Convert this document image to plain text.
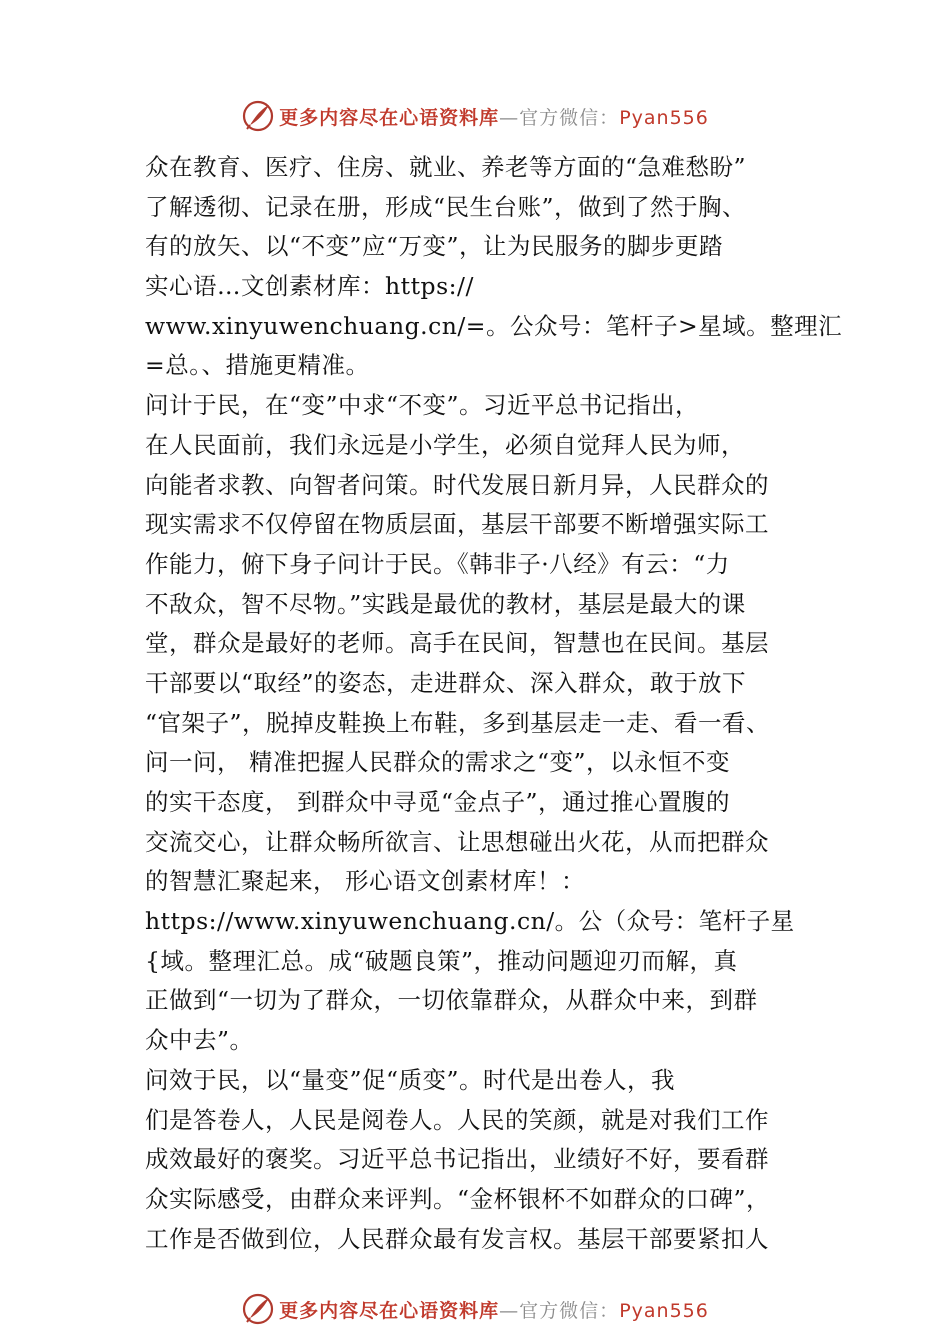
更多内容尽在心语资料库—官方微信：Pyan556
众在教育、医疗、住房、就业、养老等方面的“急难愁盼”
了解透彻、记录在册，形成“民生台账”，做到了然于胸、
有的放矢、以“不变”应“万变”，让为民服务的脚步更踏
实心语…文创素材库：https://
www.xinyuwenchuang.cn/=。公众号：笔杆子>星域。整理汇
=总。、措施更精准。
问计于民，在“变”中求“不变”。习近平总书记指出，
在人民面前，我们永远是小学生，必须自觉拜人民为师，
向能者求教、向智者问策。时代发展日新月异，人民群众的
现实需求不仅停留在物质层面，基层干部要不断增强实际工
作能力，俯下身子问计于民。《韩非子·八经》有云：“力
不敌众，智不尽物。”实践是最优的教材，基层是最大的课
堂，群众是最好的老师。高手在民间，智慧也在民间。基层
干部要以“取经”的姿态，走进群众、深入群众，敢于放下
“官架子”，脱掉皮鞋换上布鞋，多到基层走一走、看一看、
问一问， 精准把握人民群众的需求之“变”，以永恒不变
的实干态度， 到群众中寻觅“金点子”，通过推心置腹的
交流交心，让群众畅所欲言、让思想碰出火花，从而把群众
的智慧汇聚起来， 形心语文创素材库！：
https://www.xinyuwenchuang.cn/。公（众号：笔杆子星
{域。整理汇总。成“破题良策”，推动问题迎刃而解，真
正做到“一切为了群众，一切依靠群众，从群众中来，到群
众中去”。
问效于民，以“量变”促“质变”。时代是出卷人，我
们是答卷人，人民是阅卷人。人民的笑颜，就是对我们工作
成效最好的褒奖。习近平总书记指出，业绩好不好，要看群
众实际感受，由群众来评判。“金杯银杯不如群众的口碑”，
工作是否做到位，人民群众最有发言权。基层干部要紧扣人
更多内容尽在心语资料库—官方微信：Pyan556
